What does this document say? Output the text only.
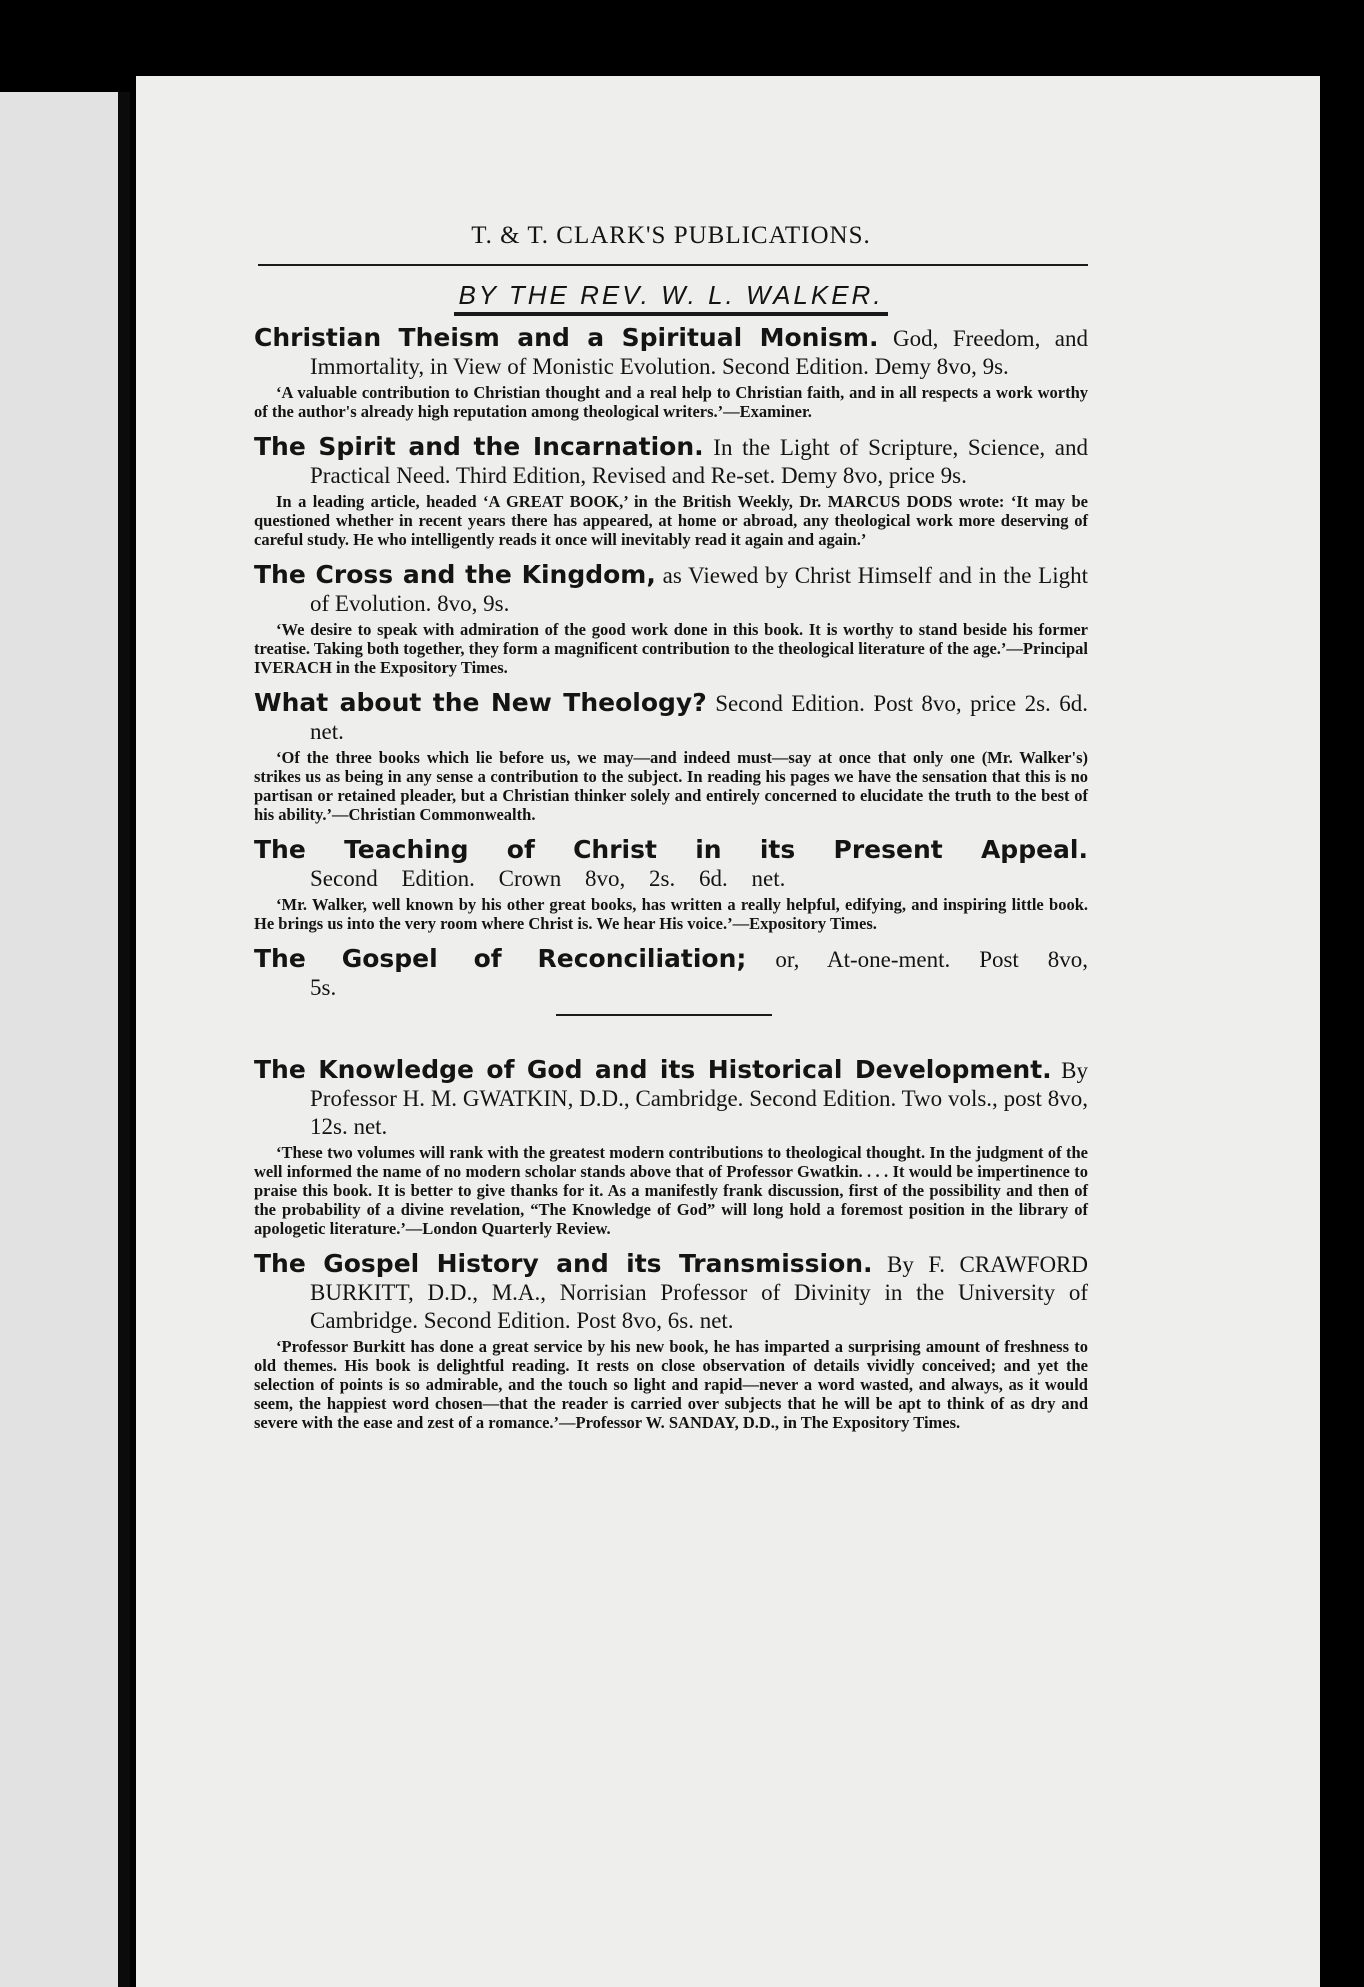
T. & T. CLARK'S PUBLICATIONS.
BY THE REV. W. L. WALKER.
Christian Theism and a Spiritual Monism. God, Freedom, and Immortality, in View of Monistic Evolution. Second Edition. Demy 8vo, 9s.
‘A valuable contribution to Christian thought and a real help to Christian faith, and in all respects a work worthy of the author's already high reputation among theological writers.’—Examiner.
The Spirit and the Incarnation. In the Light of Scripture, Science, and Practical Need. Third Edition, Revised and Re-set. Demy 8vo, price 9s.
In a leading article, headed ‘A GREAT BOOK,’ in the British Weekly, Dr. MARCUS DODS wrote: ‘It may be questioned whether in recent years there has appeared, at home or abroad, any theological work more deserving of careful study. He who intelligently reads it once will inevitably read it again and again.’
The Cross and the Kingdom, as Viewed by Christ Himself and in the Light of Evolution. 8vo, 9s.
‘We desire to speak with admiration of the good work done in this book. It is worthy to stand beside his former treatise. Taking both together, they form a magnificent contribution to the theological literature of the age.’—Principal IVERACH in the Expository Times.
What about the New Theology? Second Edition. Post 8vo, price 2s. 6d. net.
‘Of the three books which lie before us, we may—and indeed must—say at once that only one (Mr. Walker's) strikes us as being in any sense a contribution to the subject. In reading his pages we have the sensation that this is no partisan or retained pleader, but a Christian thinker solely and entirely concerned to elucidate the truth to the best of his ability.’—Christian Commonwealth.
The Teaching of Christ in its Present Appeal. Second Edition. Crown 8vo, 2s. 6d. net.
‘Mr. Walker, well known by his other great books, has written a really helpful, edifying, and inspiring little book. He brings us into the very room where Christ is. We hear His voice.’—Expository Times.
The Gospel of Reconciliation; or, At-one-ment. Post 8vo, 5s.
The Knowledge of God and its Historical Development. By Professor H. M. GWATKIN, D.D., Cambridge. Second Edition. Two vols., post 8vo, 12s. net.
‘These two volumes will rank with the greatest modern contributions to theological thought. In the judgment of the well informed the name of no modern scholar stands above that of Professor Gwatkin. . . . It would be impertinence to praise this book. It is better to give thanks for it. As a manifestly frank discussion, first of the possibility and then of the probability of a divine revelation, “The Knowledge of God” will long hold a foremost position in the library of apologetic literature.’—London Quarterly Review.
The Gospel History and its Transmission. By F. CRAWFORD BURKITT, D.D., M.A., Norrisian Professor of Divinity in the University of Cambridge. Second Edition. Post 8vo, 6s. net.
‘Professor Burkitt has done a great service by his new book, he has imparted a surprising amount of freshness to old themes. His book is delightful reading. It rests on close observation of details vividly conceived; and yet the selection of points is so admirable, and the touch so light and rapid—never a word wasted, and always, as it would seem, the happiest word chosen—that the reader is carried over subjects that he will be apt to think of as dry and severe with the ease and zest of a romance.’—Professor W. SANDAY, D.D., in The Expository Times.
